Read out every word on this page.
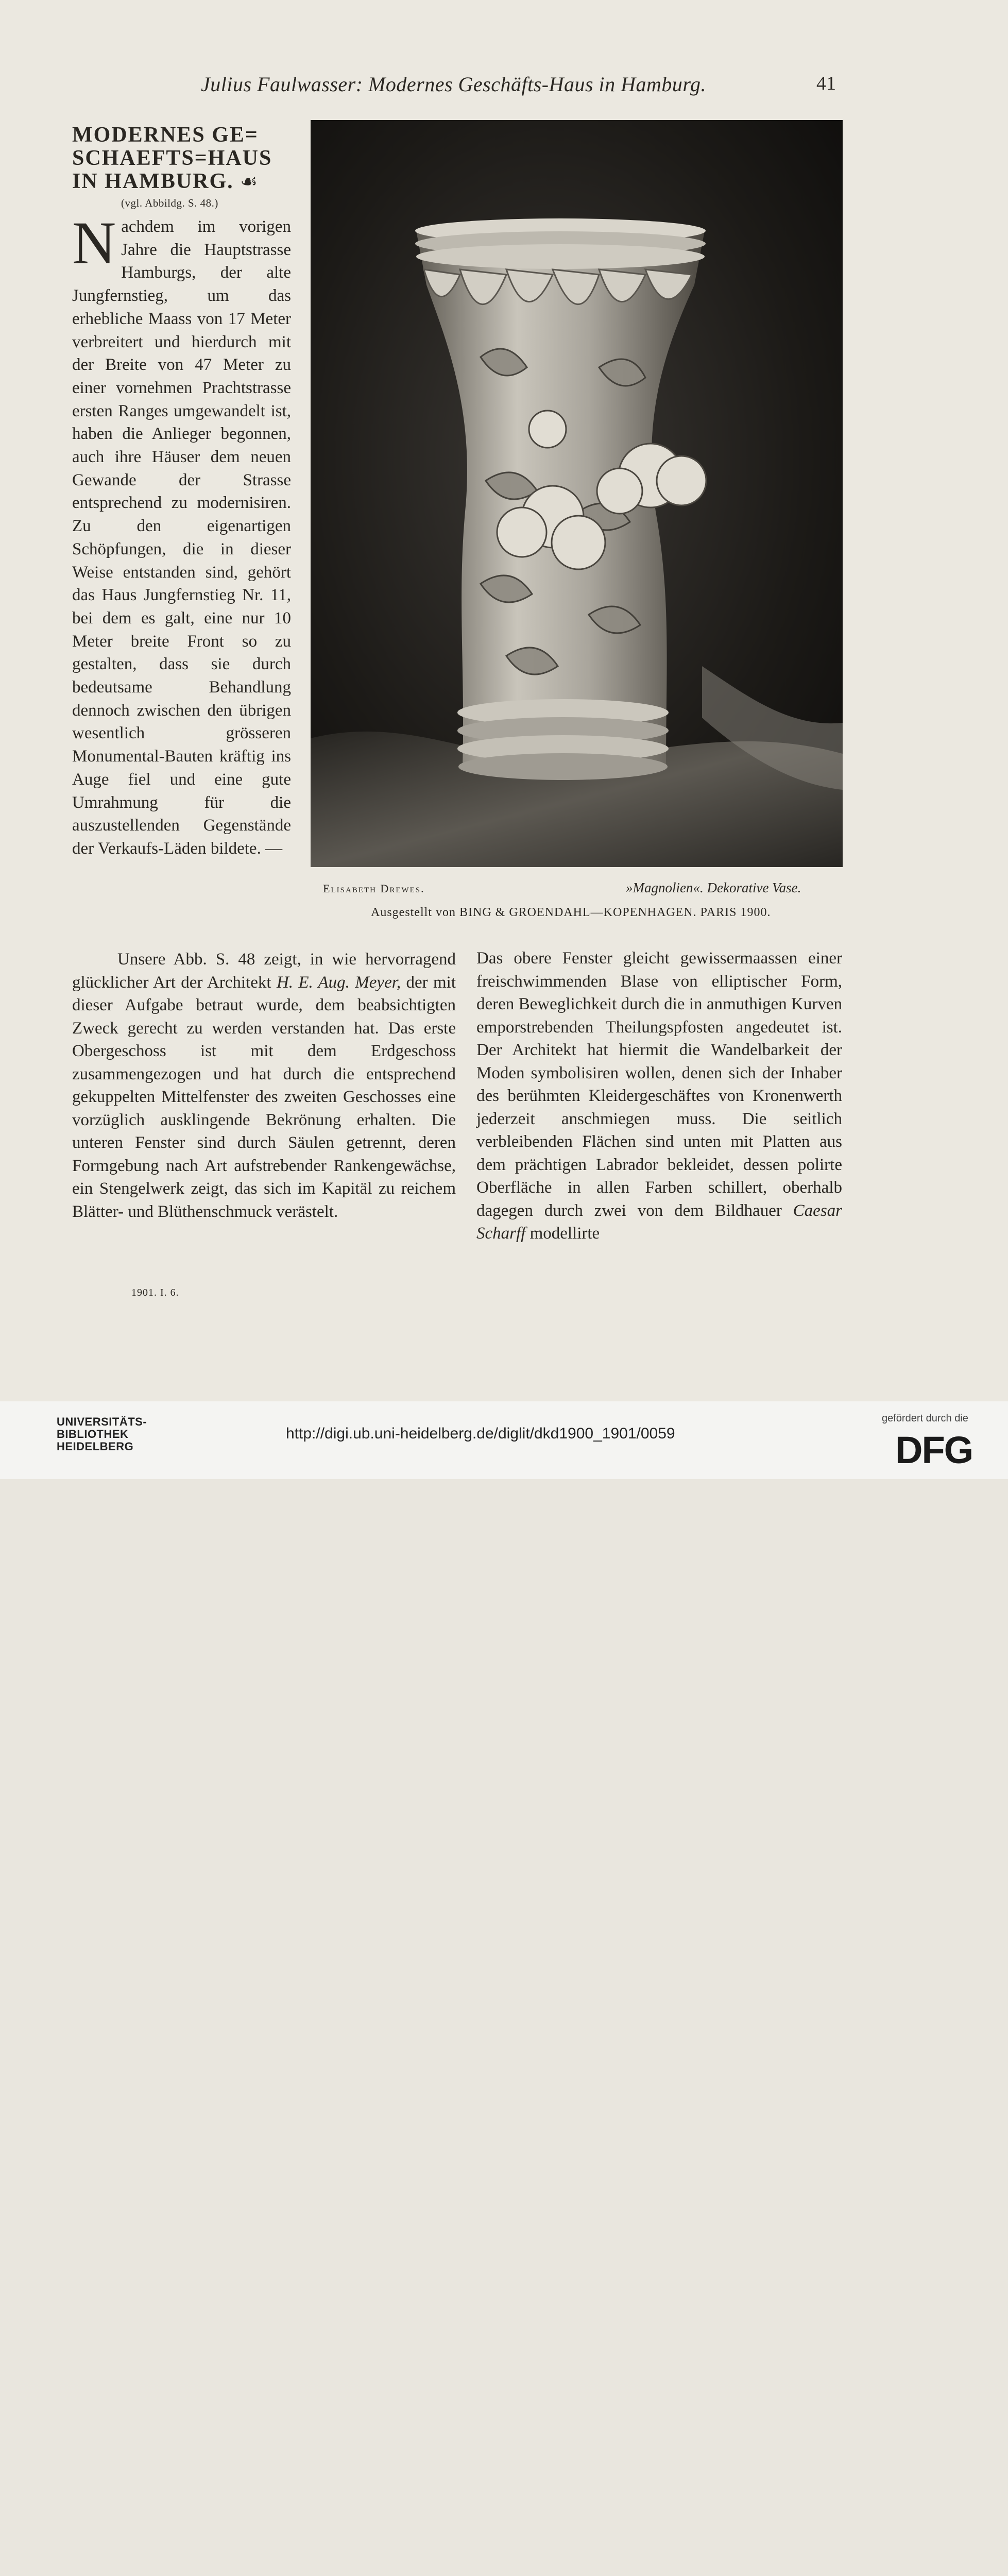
Julius Faulwasser: Modernes Geschäfts-Haus in Hamburg.	41
MODERNES GE=
SCHAEFTS=HAUS
IN HAMBURG. ☙
(vgl. Abbildg. S. 48.)

Nachdem im vorigen Jahre die Hauptstrasse Hamburgs, der alte Jungfernstieg, um das erhebliche Maass von 17 Meter verbreitert und hierdurch mit der Breite von 47 Meter zu einer vornehmen Prachtstrasse ersten Ranges umgewandelt ist, haben die Anlieger begonnen, auch ihre Häuser dem neuen Gewande der Strasse entsprechend zu modernisiren. Zu den eigenartigen Schöpfungen, die in dieser Weise entstanden sind, gehört das Haus Jungfernstieg Nr. 11, bei dem es galt, eine nur 10 Meter breite Front so zu gestalten, dass sie durch bedeutsame Behandlung dennoch zwischen den übrigen wesentlich grösseren Monumental-Bauten kräftig ins Auge fiel und eine gute Umrahmung für die auszustellenden Gegenstände der Verkaufs-Läden bildete. —

Elisabeth Drewes.	»Magnolien«. Dekorative Vase.
Ausgestellt von BING & GROENDAHL—KOPENHAGEN. PARIS 1900.

Unsere Abb. S. 48 zeigt, in wie hervorragend glücklicher Art der Architekt H. E. Aug. Meyer, der mit dieser Aufgabe betraut wurde, dem beabsichtigten Zweck gerecht zu werden verstanden hat. Das erste Obergeschoss ist mit dem Erdgeschoss zusammengezogen und hat durch die entsprechend gekuppelten Mittelfenster des zweiten Geschosses eine vorzüglich ausklingende Bekrönung erhalten. Die unteren Fenster sind durch Säulen getrennt, deren Formgebung nach Art aufstrebender Rankengewächse, ein Stengelwerk zeigt, das sich im Kapitäl zu reichem Blätter- und Blüthenschmuck verästelt.

Das obere Fenster gleicht gewissermaassen einer freischwimmenden Blase von elliptischer Form, deren Beweglichkeit durch die in anmuthigen Kurven emporstrebenden Theilungspfosten angedeutet ist. Der Architekt hat hiermit die Wandelbarkeit der Moden symbolisiren wollen, denen sich der Inhaber des berühmten Kleidergeschäftes von Kronenwerth jederzeit anschmiegen muss. Die seitlich verbleibenden Flächen sind unten mit Platten aus dem prächtigen Labrador bekleidet, dessen polirte Oberfläche in allen Farben schillert, oberhalb dagegen durch zwei von dem Bildhauer Caesar Scharff modellirte

1901. I. 6.
UNIVERSITÄTS-
BIBLIOTHEK
HEIDELBERG
http://digi.ub.uni-heidelberg.de/diglit/dkd1900_1901/0059
gefördert durch die
DFG
